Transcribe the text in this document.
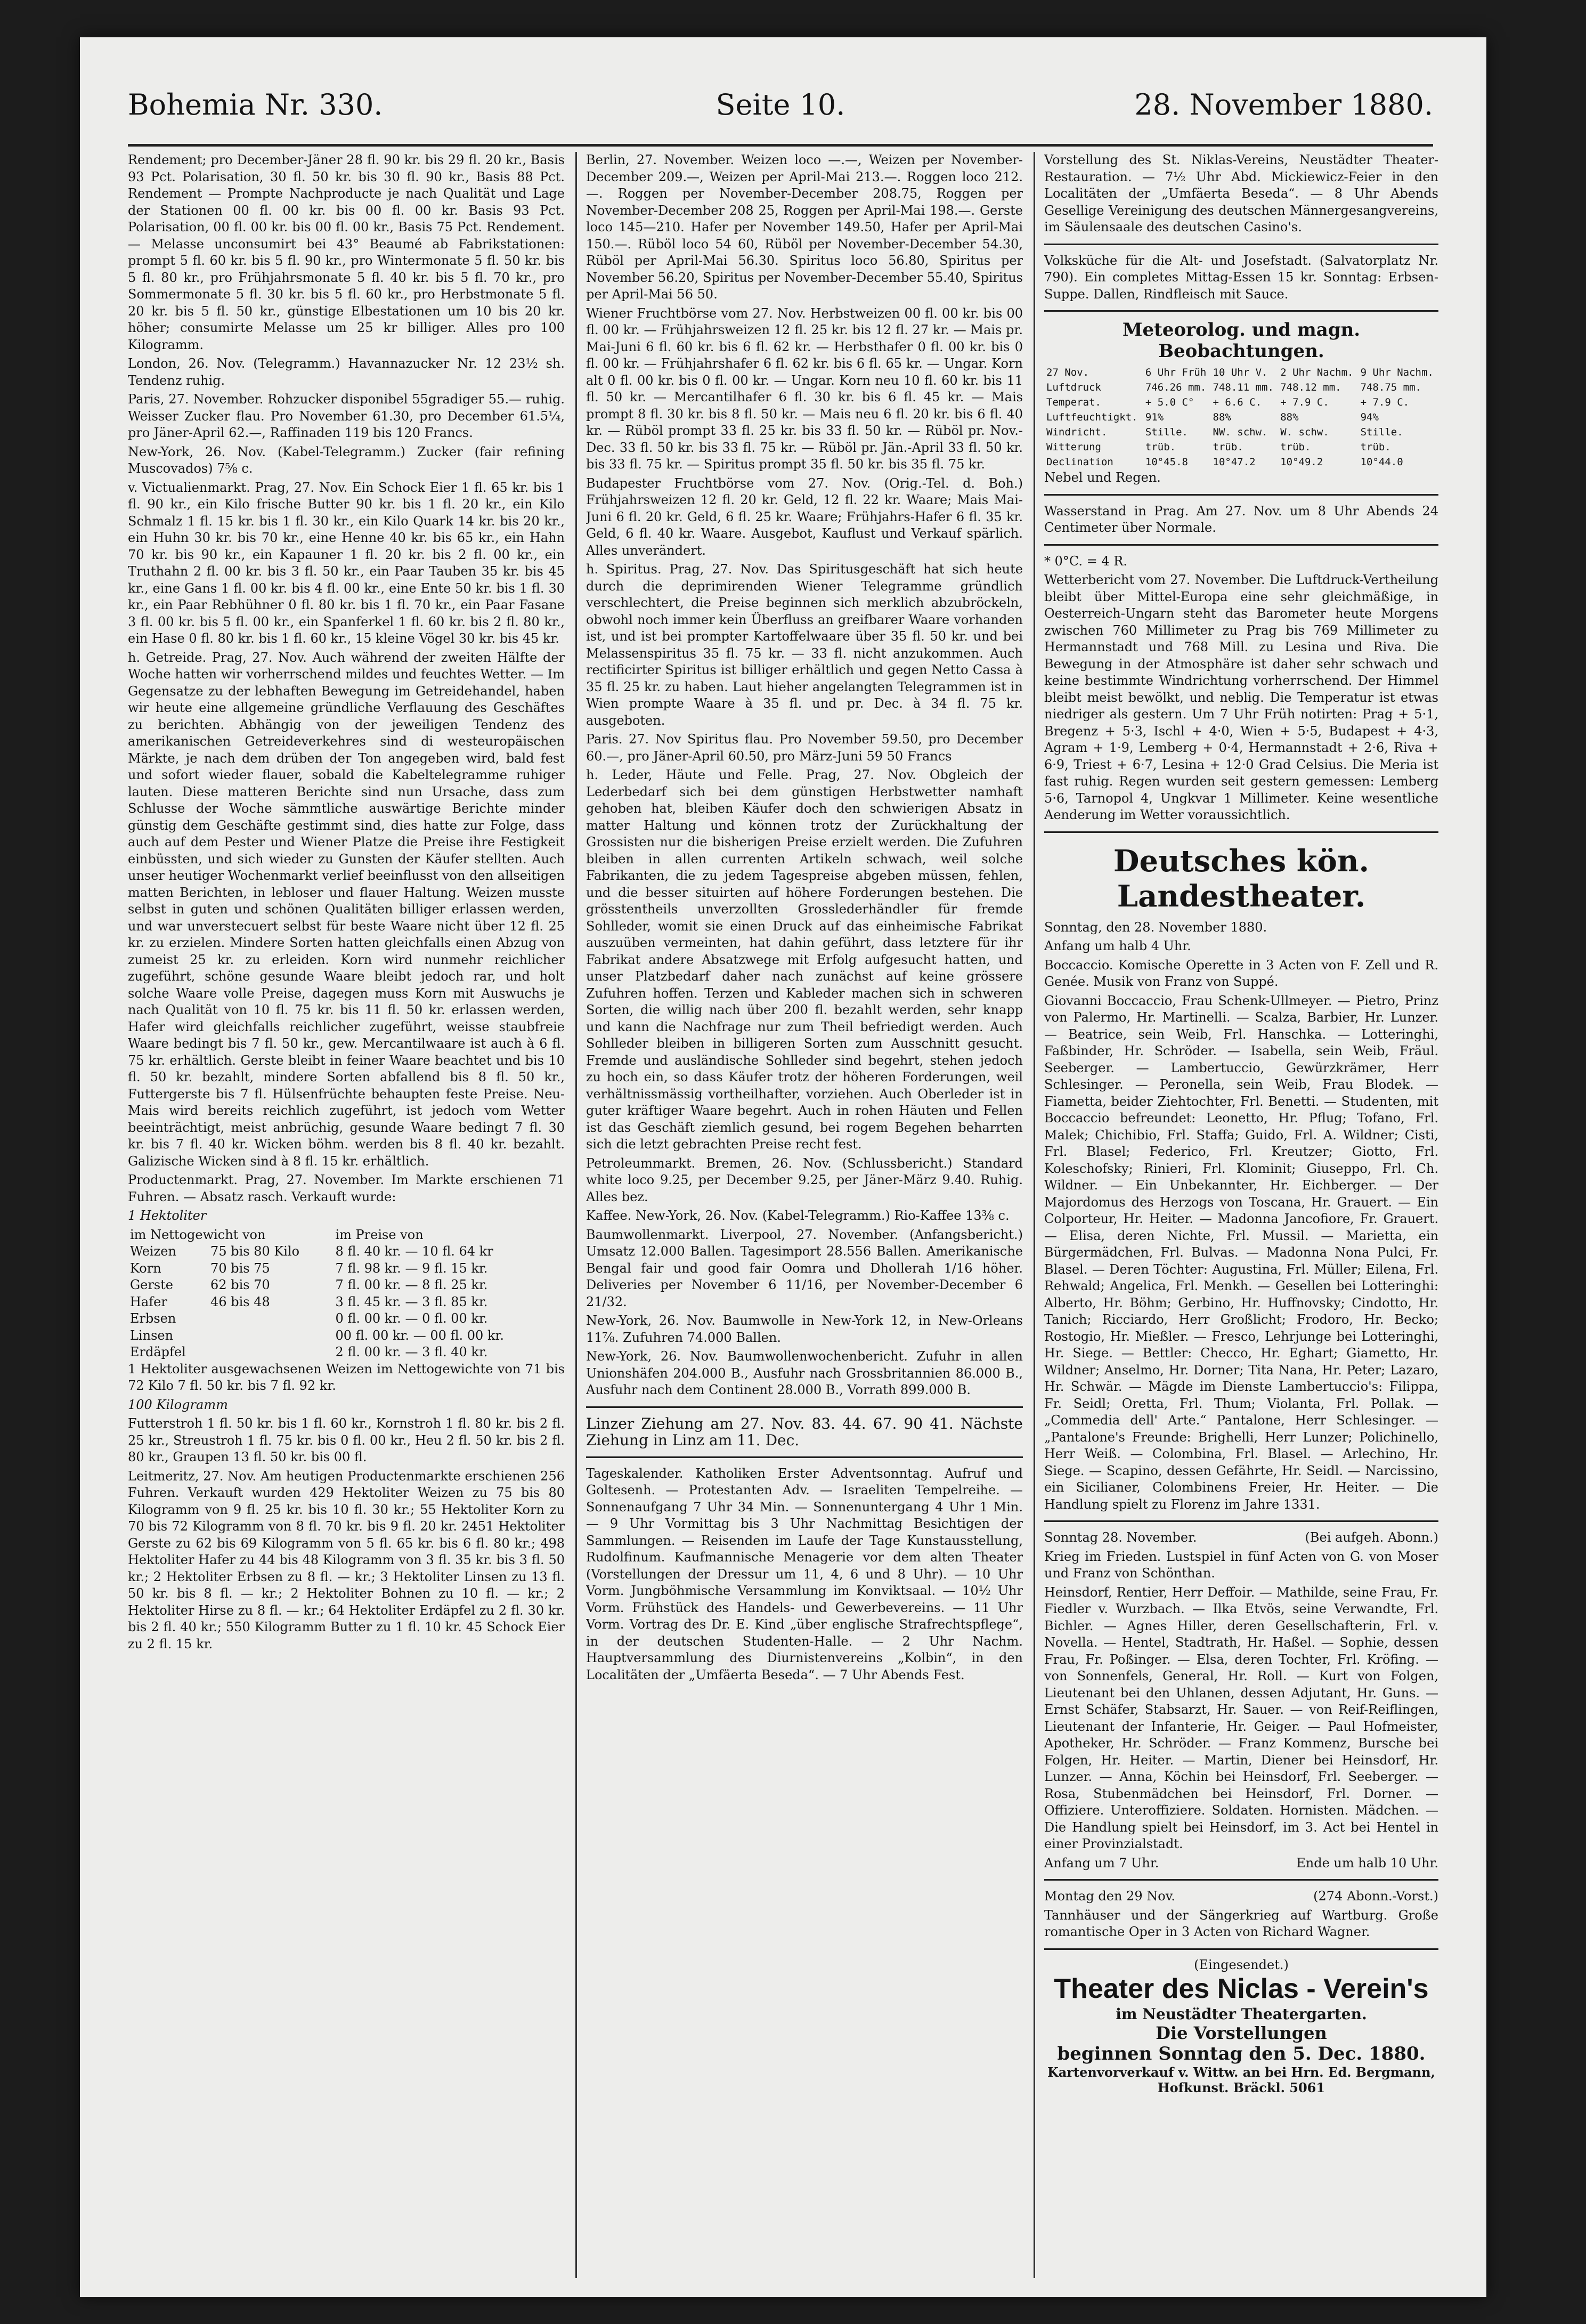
Bohemia Nr. 330.	Seite 10.	28. November 1880.

Rendement; pro December-Jäner 28 fl. 90 kr. bis 29 fl. 20 kr., Basis 93 Pct. Polarisation, 30 fl. 50 kr. bis 30 fl. 90 kr., Basis 88 Pct. Rendement — Prompte Nachproducte je nach Qualität und Lage der Stationen 00 fl. 00 kr. bis 00 fl. 00 kr. Basis 93 Pct. Polarisation, 00 fl. 00 kr. bis 00 fl. 00 kr., Basis 75 Pct. Rendement. — Melasse unconsumirt bei 43° Beaumé ab Fabrikstationen: prompt 5 fl. 60 kr. bis 5 fl. 90 kr., pro Wintermonate 5 fl. 50 kr. bis 5 fl. 80 kr., pro Frühjahrsmonate 5 fl. 40 kr. bis 5 fl. 70 kr., pro Sommermonate 5 fl. 30 kr. bis 5 fl. 60 kr., pro Herbstmonate 5 fl. 20 kr. bis 5 fl. 50 kr., günstige Elbestationen um 10 bis 20 kr. höher; consumirte Melasse um 25 kr billiger. Alles pro 100 Kilogramm.

London, 26. Nov. (Telegramm.) Havannazucker Nr. 12 23½ sh. Tendenz ruhig.

Paris, 27. November. Rohzucker disponibel 55gradiger 55.— ruhig. Weisser Zucker flau. Pro November 61.30, pro December 61.5¼, pro Jäner-April 62.—, Raffinaden 119 bis 120 Francs.

New-York, 26. Nov. (Kabel-Telegramm.) Zucker (fair refining Muscovados) 7⅝ c.

v. Victualienmarkt. Prag, 27. Nov. Ein Schock Eier 1 fl. 65 kr. bis 1 fl. 90 kr., ein Kilo frische Butter 90 kr. bis 1 fl. 20 kr., ein Kilo Schmalz 1 fl. 15 kr. bis 1 fl. 30 kr., ein Kilo Quark 14 kr. bis 20 kr., ein Huhn 30 kr. bis 70 kr., eine Henne 40 kr. bis 65 kr., ein Hahn 70 kr. bis 90 kr., ein Kapauner 1 fl. 20 kr. bis 2 fl. 00 kr., ein Truthahn 2 fl. 00 kr. bis 3 fl. 50 kr., ein Paar Tauben 35 kr. bis 45 kr., eine Gans 1 fl. 00 kr. bis 4 fl. 00 kr., eine Ente 50 kr. bis 1 fl. 30 kr., ein Paar Rebhühner 0 fl. 80 kr. bis 1 fl. 70 kr., ein Paar Fasane 3 fl. 00 kr. bis 5 fl. 00 kr., ein Spanferkel 1 fl. 60 kr. bis 2 fl. 80 kr., ein Hase 0 fl. 80 kr. bis 1 fl. 60 kr., 15 kleine Vögel 30 kr. bis 45 kr.

h. Getreide. Prag, 27. Nov. Auch während der zweiten Hälfte der Woche hatten wir vorherrschend mildes und feuchtes Wetter. — Im Gegensatze zu der lebhaften Bewegung im Getreidehandel, haben wir heute eine allgemeine gründliche Verflauung des Geschäftes zu berichten. Abhängig von der jeweiligen Tendenz des amerikanischen Getreideverkehres sind di westeuropäischen Märkte, je nach dem drüben der Ton angegeben wird, bald fest und sofort wieder flauer, sobald die Kabeltelegramme ruhiger lauten. Diese matteren Berichte sind nun Ursache, dass zum Schlusse der Woche sämmtliche auswärtige Berichte minder günstig dem Geschäfte gestimmt sind, dies hatte zur Folge, dass auch auf dem Pester und Wiener Platze die Preise ihre Festigkeit einbüssten, und sich wieder zu Gunsten der Käufer stellten. Auch unser heutiger Wochenmarkt verlief beeinflusst von den allseitigen matten Berichten, in lebloser und flauer Haltung. Weizen musste selbst in guten und schönen Qualitäten billiger erlassen werden, und war unverstecuert selbst für beste Waare nicht über 12 fl. 25 kr. zu erzielen. Mindere Sorten hatten gleichfalls einen Abzug von zumeist 25 kr. zu erleiden. Korn wird nunmehr reichlicher zugeführt, schöne gesunde Waare bleibt jedoch rar, und holt solche Waare volle Preise, dagegen muss Korn mit Auswuchs je nach Qualität von 10 fl. 75 kr. bis 11 fl. 50 kr. erlassen werden, Hafer wird gleichfalls reichlicher zugeführt, weisse staubfreie Waare bedingt bis 7 fl. 50 kr., gew. Mercantilwaare ist auch à 6 fl. 75 kr. erhältlich. Gerste bleibt in feiner Waare beachtet und bis 10 fl. 50 kr. bezahlt, mindere Sorten abfallend bis 8 fl. 50 kr., Futtergerste bis 7 fl. Hülsenfrüchte behaupten feste Preise. Neu-Mais wird bereits reichlich zugeführt, ist jedoch vom Wetter beeinträchtigt, meist anbrüchig, gesunde Waare bedingt 7 fl. 30 kr. bis 7 fl. 40 kr. Wicken böhm. werden bis 8 fl. 40 kr. bezahlt. Galizische Wicken sind à 8 fl. 15 kr. erhältlich.

Productenmarkt. Prag, 27. November. Im Markte erschienen 71 Fuhren. — Absatz rasch. Verkauft wurde:

1 Hektoliter

im Nettogewicht von		im Preise von
Weizen	75 bis 80 Kilo	8 fl. 40 kr. — 10 fl. 64 kr
Korn	70 bis 75	7 fl. 98 kr. — 9 fl. 15 kr.
Gerste	62 bis 70	7 fl. 00 kr. — 8 fl. 25 kr.
Hafer	46 bis 48	3 fl. 45 kr. — 3 fl. 85 kr.
Erbsen		0 fl. 00 kr. — 0 fl. 00 kr.
Linsen		00 fl. 00 kr. — 00 fl. 00 kr.
Erdäpfel		2 fl. 00 kr. — 3 fl. 40 kr.

1 Hektoliter ausgewachsenen Weizen im Nettogewichte von 71 bis 72 Kilo 7 fl. 50 kr. bis 7 fl. 92 kr.

100 Kilogramm

Futterstroh 1 fl. 50 kr. bis 1 fl. 60 kr., Kornstroh 1 fl. 80 kr. bis 2 fl. 25 kr., Streustroh 1 fl. 75 kr. bis 0 fl. 00 kr., Heu 2 fl. 50 kr. bis 2 fl. 80 kr., Graupen 13 fl. 50 kr. bis 00 fl.

Leitmeritz, 27. Nov. Am heutigen Productenmarkte erschienen 256 Fuhren. Verkauft wurden 429 Hektoliter Weizen zu 75 bis 80 Kilogramm von 9 fl. 25 kr. bis 10 fl. 30 kr.; 55 Hektoliter Korn zu 70 bis 72 Kilogramm von 8 fl. 70 kr. bis 9 fl. 20 kr. 2451 Hektoliter Gerste zu 62 bis 69 Kilogramm von 5 fl. 65 kr. bis 6 fl. 80 kr.; 498 Hektoliter Hafer zu 44 bis 48 Kilogramm von 3 fl. 35 kr. bis 3 fl. 50 kr.; 2 Hektoliter Erbsen zu 8 fl. — kr.; 3 Hektoliter Linsen zu 13 fl. 50 kr. bis 8 fl. — kr.; 2 Hektoliter Bohnen zu 10 fl. — kr.; 2 Hektoliter Hirse zu 8 fl. — kr.; 64 Hektoliter Erdäpfel zu 2 fl. 30 kr. bis 2 fl. 40 kr.; 550 Kilogramm Butter zu 1 fl. 10 kr. 45 Schock Eier zu 2 fl. 15 kr.

Berlin, 27. November. Weizen loco —.—, Weizen per November-December 209.—, Weizen per April-Mai 213.—. Roggen loco 212.—. Roggen per November-December 208.75, Roggen per November-December 208 25, Roggen per April-Mai 198.—. Gerste loco 145—210. Hafer per November 149.50, Hafer per April-Mai 150.—. Rüböl loco 54 60, Rüböl per November-December 54.30, Rüböl per April-Mai 56.30. Spiritus loco 56.80, Spiritus per November 56.20, Spiritus per November-December 55.40, Spiritus per April-Mai 56 50.

Wiener Fruchtbörse vom 27. Nov. Herbstweizen 00 fl. 00 kr. bis 00 fl. 00 kr. — Frühjahrsweizen 12 fl. 25 kr. bis 12 fl. 27 kr. — Mais pr. Mai-Juni 6 fl. 60 kr. bis 6 fl. 62 kr. — Herbsthafer 0 fl. 00 kr. bis 0 fl. 00 kr. — Frühjahrshafer 6 fl. 62 kr. bis 6 fl. 65 kr. — Ungar. Korn alt 0 fl. 00 kr. bis 0 fl. 00 kr. — Ungar. Korn neu 10 fl. 60 kr. bis 11 fl. 50 kr. — Mercantilhafer 6 fl. 30 kr. bis 6 fl. 45 kr. — Mais prompt 8 fl. 30 kr. bis 8 fl. 50 kr. — Mais neu 6 fl. 20 kr. bis 6 fl. 40 kr. — Rüböl prompt 33 fl. 25 kr. bis 33 fl. 50 kr. — Rüböl pr. Nov.-Dec. 33 fl. 50 kr. bis 33 fl. 75 kr. — Rüböl pr. Jän.-April 33 fl. 50 kr. bis 33 fl. 75 kr. — Spiritus prompt 35 fl. 50 kr. bis 35 fl. 75 kr.

Budapester Fruchtbörse vom 27. Nov. (Orig.-Tel. d. Boh.) Frühjahrsweizen 12 fl. 20 kr. Geld, 12 fl. 22 kr. Waare; Mais Mai-Juni 6 fl. 20 kr. Geld, 6 fl. 25 kr. Waare; Frühjahrs-Hafer 6 fl. 35 kr. Geld, 6 fl. 40 kr. Waare. Ausgebot, Kauflust und Verkauf spärlich. Alles unverändert.

h. Spiritus. Prag, 27. Nov. Das Spiritusgeschäft hat sich heute durch die deprimirenden Wiener Telegramme gründlich verschlechtert, die Preise beginnen sich merklich abzubröckeln, obwohl noch immer kein Überfluss an greifbarer Waare vorhanden ist, und ist bei prompter Kartoffelwaare über 35 fl. 50 kr. und bei Melassenspiritus 35 fl. 75 kr. — 33 fl. nicht anzukommen. Auch rectificirter Spiritus ist billiger erhältlich und gegen Netto Cassa à 35 fl. 25 kr. zu haben. Laut hieher angelangten Telegrammen ist in Wien prompte Waare à 35 fl. und pr. Dec. à 34 fl. 75 kr. ausgeboten.

Paris. 27. Nov Spiritus flau. Pro November 59.50, pro December 60.—, pro Jäner-April 60.50, pro März-Juni 59 50 Francs

h. Leder, Häute und Felle. Prag, 27. Nov. Obgleich der Lederbedarf sich bei dem günstigen Herbstwetter namhaft gehoben hat, bleiben Käufer doch den schwierigen Absatz in matter Haltung und können trotz der Zurückhaltung der Grossisten nur die bisherigen Preise erzielt werden. Die Zufuhren bleiben in allen currenten Artikeln schwach, weil solche Fabrikanten, die zu jedem Tagespreise abgeben müssen, fehlen, und die besser situirten auf höhere Forderungen bestehen. Die grösstentheils unverzollten Grosslederhändler für fremde Sohlleder, womit sie einen Druck auf das einheimische Fabrikat auszuüben vermeinten, hat dahin geführt, dass letztere für ihr Fabrikat andere Absatzwege mit Erfolg aufgesucht hatten, und unser Platzbedarf daher nach zunächst auf keine grössere Zufuhren hoffen. Terzen und Kableder machen sich in schweren Sorten, die willig nach über 200 fl. bezahlt werden, sehr knapp und kann die Nachfrage nur zum Theil befriedigt werden. Auch Sohlleder bleiben in billigeren Sorten zum Ausschnitt gesucht. Fremde und ausländische Sohlleder sind begehrt, stehen jedoch zu hoch ein, so dass Käufer trotz der höheren Forderungen, weil verhältnissmässig vortheilhafter, vorziehen. Auch Oberleder ist in guter kräftiger Waare begehrt. Auch in rohen Häuten und Fellen ist das Geschäft ziemlich gesund, bei rogem Begehen beharrten sich die letzt gebrachten Preise recht fest.

Petroleummarkt. Bremen, 26. Nov. (Schlussbericht.) Standard white loco 9.25, per December 9.25, per Jäner-März 9.40. Ruhig. Alles bez.

Kaffee. New-York, 26. Nov. (Kabel-Telegramm.) Rio-Kaffee 13⅜ c.

Baumwollenmarkt. Liverpool, 27. November. (Anfangsbericht.) Umsatz 12.000 Ballen. Tagesimport 28.556 Ballen. Amerikanische Bengal fair und good fair Oomra und Dhollerah 1/16 höher. Deliveries per November 6 11/16, per November-December 6 21/32.

New-York, 26. Nov. Baumwolle in New-York 12, in New-Orleans 11⅞. Zufuhren 74.000 Ballen.

New-York, 26. Nov. Baumwollenwochenbericht. Zufuhr in allen Unionshäfen 204.000 B., Ausfuhr nach Grossbritannien 86.000 B., Ausfuhr nach dem Continent 28.000 B., Vorrath 899.000 B.

Linzer Ziehung am 27. Nov. 83. 44. 67. 90 41. Nächste Ziehung in Linz am 11. Dec.

Tageskalender. Katholiken Erster Adventsonntag. Aufruf und Goltesenh. — Protestanten Adv. — Israeliten Tempelreihe. — Sonnenaufgang 7 Uhr 34 Min. — Sonnenuntergang 4 Uhr 1 Min. — 9 Uhr Vormittag bis 3 Uhr Nachmittag Besichtigen der Sammlungen. — Reisenden im Laufe der Tage Kunstausstellung, Rudolfinum. Kaufmannische Menagerie vor dem alten Theater (Vorstellungen der Dressur um 11, 4, 6 und 8 Uhr). — 10 Uhr Vorm. Jungböhmische Versammlung im Konviktsaal. — 10½ Uhr Vorm. Frühstück des Handels- und Gewerbevereins. — 11 Uhr Vorm. Vortrag des Dr. E. Kind „über englische Strafrechtspflege“, in der deutschen Studenten-Halle. — 2 Uhr Nachm. Hauptversammlung des Diurnistenvereins „Kolbin“, in den Localitäten der „Umfäerta Beseda“. — 7 Uhr Abends Fest.

Vorstellung des St. Niklas-Vereins, Neustädter Theater-Restauration. — 7½ Uhr Abd. Mickiewicz-Feier in den Localitäten der „Umfäerta Beseda“. — 8 Uhr Abends Gesellige Vereinigung des deutschen Männergesangvereins, im Säulensaale des deutschen Casino's.

Volksküche für die Alt- und Josefstadt. (Salvatorplatz Nr. 790). Ein completes Mittag-Essen 15 kr. Sonntag: Erbsen-Suppe. Dallen, Rindfleisch mit Sauce.

Meteorolog. und magn. Beobachtungen.
27 Nov.	6 Uhr Früh	10 Uhr V.	2 Uhr Nachm.	9 Uhr Nachm.
Luftdruck	746.26 mm.	748.11 mm.	748.12 mm.	748.75 mm.
Temperat.	+ 5.0 C°	+ 6.6 C.	+ 7.9 C.	+ 7.9 C.
Luftfeuchtigkt.	91%	88%	88%	94%
Windricht.	Stille.	NW. schw.	W. schw.	Stille.
Witterung	trüb.	trüb.	trüb.	trüb.
Declination	10°45.8	10°47.2	10°49.2	10°44.0

Nebel und Regen.

Wasserstand in Prag. Am 27. Nov. um 8 Uhr Abends 24 Centimeter über Normale.

* 0°C. = 4 R.

Wetterbericht vom 27. November. Die Luftdruck-Vertheilung bleibt über Mittel-Europa eine sehr gleichmäßige, in Oesterreich-Ungarn steht das Barometer heute Morgens zwischen 760 Millimeter zu Prag bis 769 Millimeter zu Hermannstadt und 768 Mill. zu Lesina und Riva. Die Bewegung in der Atmosphäre ist daher sehr schwach und keine bestimmte Windrichtung vorherrschend. Der Himmel bleibt meist bewölkt, und neblig. Die Temperatur ist etwas niedriger als gestern. Um 7 Uhr Früh notirten: Prag + 5·1, Bregenz + 5·3, Ischl + 4·0, Wien + 5·5, Budapest + 4·3, Agram + 1·9, Lemberg + 0·4, Hermannstadt + 2·6, Riva + 6·9, Triest + 6·7, Lesina + 12·0 Grad Celsius. Die Meria ist fast ruhig. Regen wurden seit gestern gemessen: Lemberg 5·6, Tarnopol 4, Ungkvar 1 Millimeter. Keine wesentliche Aenderung im Wetter voraussichtlich.

Deutsches kön. Landestheater.

Sonntag, den 28. November 1880.

Anfang um halb 4 Uhr.

Boccaccio. Komische Operette in 3 Acten von F. Zell und R. Genée. Musik von Franz von Suppé.

Giovanni Boccaccio, Frau Schenk-Ullmeyer. — Pietro, Prinz von Palermo, Hr. Martinelli. — Scalza, Barbier, Hr. Lunzer. — Beatrice, sein Weib, Frl. Hanschka. — Lotteringhi, Faßbinder, Hr. Schröder. — Isabella, sein Weib, Fräul. Seeberger. — Lambertuccio, Gewürzkrämer, Herr Schlesinger. — Peronella, sein Weib, Frau Blodek. — Fiametta, beider Ziehtochter, Frl. Benetti. — Studenten, mit Boccaccio befreundet: Leonetto, Hr. Pflug; Tofano, Frl. Malek; Chichibio, Frl. Staffa; Guido, Frl. A. Wildner; Cisti, Frl. Blasel; Federico, Frl. Kreutzer; Giotto, Frl. Koleschofsky; Rinieri, Frl. Klominit; Giuseppo, Frl. Ch. Wildner. — Ein Unbekannter, Hr. Eichberger. — Der Majordomus des Herzogs von Toscana, Hr. Grauert. — Ein Colporteur, Hr. Heiter. — Madonna Jancofiore, Fr. Grauert. — Elisa, deren Nichte, Frl. Mussil. — Marietta, ein Bürgermädchen, Frl. Bulvas. — Madonna Nona Pulci, Fr. Blasel. — Deren Töchter: Augustina, Frl. Müller; Eilena, Frl. Rehwald; Angelica, Frl. Menkh. — Gesellen bei Lotteringhi: Alberto, Hr. Böhm; Gerbino, Hr. Huffnovsky; Cindotto, Hr. Tanich; Ricciardo, Herr Großlicht; Frodoro, Hr. Becko; Rostogio, Hr. Mießler. — Fresco, Lehrjunge bei Lotteringhi, Hr. Siege. — Bettler: Checco, Hr. Eghart; Giametto, Hr. Wildner; Anselmo, Hr. Dorner; Tita Nana, Hr. Peter; Lazaro, Hr. Schwär. — Mägde im Dienste Lambertuccio's: Filippa, Fr. Seidl; Oretta, Frl. Thum; Violanta, Frl. Pollak. — „Commedia dell' Arte.“ Pantalone, Herr Schlesinger. — „Pantalone's Freunde: Brighelli, Herr Lunzer; Polichinello, Herr Weiß. — Colombina, Frl. Blasel. — Arlechino, Hr. Siege. — Scapino, dessen Gefährte, Hr. Seidl. — Narcissino, ein Sicilianer, Colombinens Freier, Hr. Heiter. — Die Handlung spielt zu Florenz im Jahre 1331.

Sonntag 28. November.	(Bei aufgeh. Abonn.)

Krieg im Frieden. Lustspiel in fünf Acten von G. von Moser und Franz von Schönthan.

Heinsdorf, Rentier, Herr Deffoir. — Mathilde, seine Frau, Fr. Fiedler v. Wurzbach. — Ilka Etvös, seine Verwandte, Frl. Bichler. — Agnes Hiller, deren Gesellschafterin, Frl. v. Novella. — Hentel, Stadtrath, Hr. Haßel. — Sophie, dessen Frau, Fr. Poßinger. — Elsa, deren Tochter, Frl. Kröfing. — von Sonnenfels, General, Hr. Roll. — Kurt von Folgen, Lieutenant bei den Uhlanen, dessen Adjutant, Hr. Guns. — Ernst Schäfer, Stabsarzt, Hr. Sauer. — von Reif-Reiflingen, Lieutenant der Infanterie, Hr. Geiger. — Paul Hofmeister, Apotheker, Hr. Schröder. — Franz Kommenz, Bursche bei Folgen, Hr. Heiter. — Martin, Diener bei Heinsdorf, Hr. Lunzer. — Anna, Köchin bei Heinsdorf, Frl. Seeberger. — Rosa, Stubenmädchen bei Heinsdorf, Frl. Dorner. — Offiziere. Unteroffiziere. Soldaten. Hornisten. Mädchen. — Die Handlung spielt bei Heinsdorf, im 3. Act bei Hentel in einer Provinzialstadt.

Anfang um 7 Uhr.	Ende um halb 10 Uhr.

Montag den 29 Nov.	(274 Abonn.-Vorst.)

Tannhäuser und der Sängerkrieg auf Wartburg. Große romantische Oper in 3 Acten von Richard Wagner.

(Eingesendet.)
Theater des Niclas - Verein's
im Neustädter Theatergarten.
Die Vorstellungen
beginnen Sonntag den 5. Dec. 1880.
Kartenvorverkauf v. Wittw. an bei Hrn. Ed. Bergmann, Hofkunst. Bräckl. 5061
